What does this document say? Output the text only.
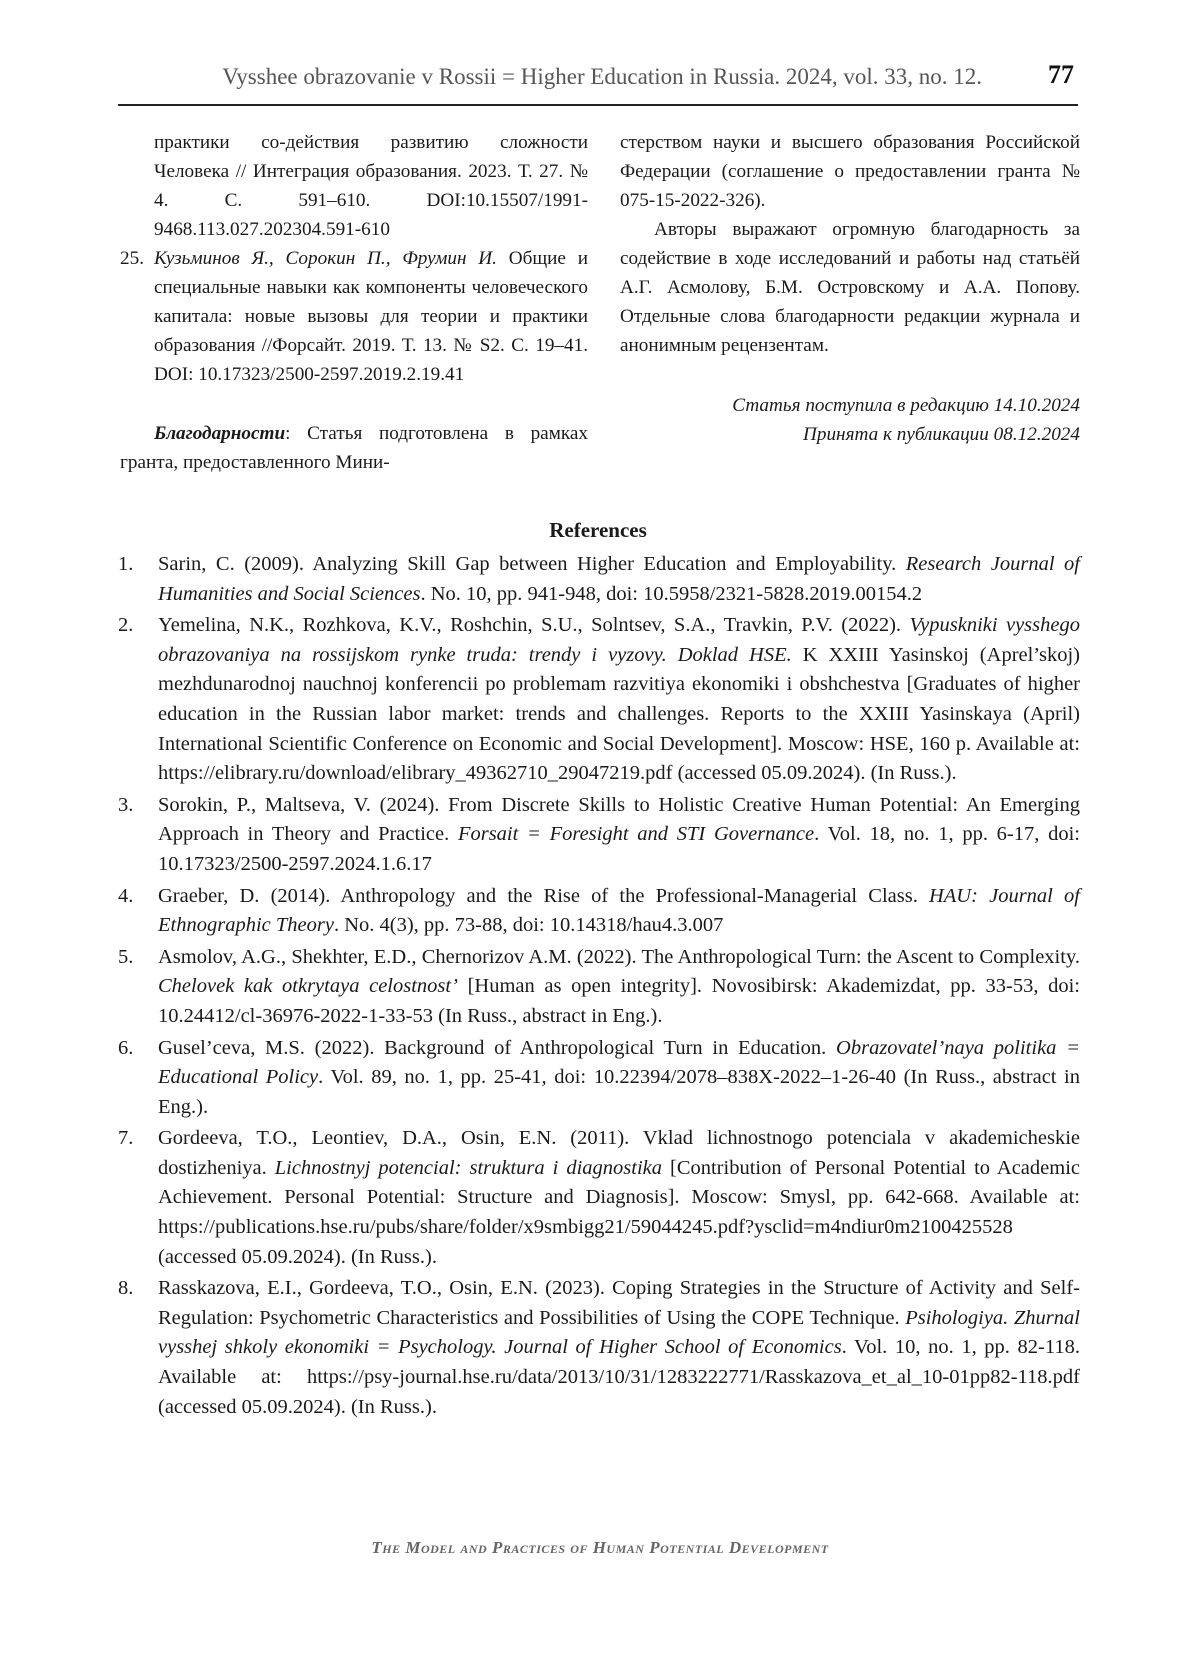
Vysshee obrazovanie v Rossii = Higher Education in Russia. 2024, vol. 33, no. 12.	77

практики со-действия развитию сложности Человека // Интеграция образования. 2023. Т. 27. № 4. С. 591–610. DOI:10.15507/1991-9468.113.027.202304.591-610

25. Кузьминов Я., Сорокин П., Фрумин И. Общие и специальные навыки как компоненты человеческого капитала: новые вызовы для теории и практики образования //Форсайт. 2019. Т. 13. № S2. С. 19–41. DOI: 10.17323/2500-2597.2019.2.19.41

Благодарности: Статья подготовлена в рамках гранта, предоставленного Мини-

стерством науки и высшего образования Российской Федерации (соглашение о предоставлении гранта № 075-15-2022-326).

Авторы выражают огромную благодарность за содействие в ходе исследований и работы над статьёй А.Г. Асмолову, Б.М. Островскому и А.А. Попову. Отдельные слова благодарности редакции журнала и анонимным рецензентам.

Статья поступила в редакцию 14.10.2024
Принята к публикации 08.12.2024
References
1. Sarin, C. (2009). Analyzing Skill Gap between Higher Education and Employability. Research Journal of Humanities and Social Sciences. No. 10, pp. 941-948, doi: 10.5958/2321-5828.2019.00154.2
2. Yemelina, N.K., Rozhkova, K.V., Roshchin, S.U., Solntsev, S.A., Travkin, P.V. (2022). Vypuskniki vysshego obrazovaniya na rossijskom rynke truda: trendy i vyzovy. Doklad HSE. K XXIII Yasinskoj (Aprel’skoj) mezhdunarodnoj nauchnoj konferencii po problemam razvitiya ekonomiki i obshchestva [Graduates of higher education in the Russian labor market: trends and challenges. Reports to the XXIII Yasinskaya (April) International Scientific Conference on Economic and Social Development]. Moscow: HSE, 160 p. Available at: https://elibrary.ru/download/elibrary_49362710_29047219.pdf (accessed 05.09.2024). (In Russ.).
3. Sorokin, P., Maltseva, V. (2024). From Discrete Skills to Holistic Creative Human Potential: An Emerging Approach in Theory and Practice. Forsait = Foresight and STI Governance. Vol. 18, no. 1, pp. 6-17, doi: 10.17323/2500-2597.2024.1.6.17
4. Graeber, D. (2014). Anthropology and the Rise of the Professional-Managerial Class. HAU: Journal of Ethnographic Theory. No. 4(3), pp. 73-88, doi: 10.14318/hau4.3.007
5. Asmolov, A.G., Shekhter, E.D., Chernorizov A.M. (2022). The Anthropological Turn: the Ascent to Complexity. Chelovek kak otkrytaya celostnost’ [Human as open integrity]. Novosibirsk: Akademizdat, pp. 33-53, doi: 10.24412/cl-36976-2022-1-33-53 (In Russ., abstract in Eng.).
6. Gusel’ceva, M.S. (2022). Background of Anthropological Turn in Education. Obrazovatel’naya politika = Educational Policy. Vol. 89, no. 1, pp. 25-41, doi: 10.22394/2078–838X-2022–1-26-40 (In Russ., abstract in Eng.).
7. Gordeeva, T.O., Leontiev, D.A., Osin, E.N. (2011). Vklad lichnostnogo potenciala v akademicheskie dostizheniya. Lichnostnyj potencial: struktura i diagnostika [Contribution of Personal Potential to Academic Achievement. Personal Potential: Structure and Diagnosis]. Moscow: Smysl, pp. 642-668. Available at: https://publications.hse.ru/pubs/share/folder/x9smbigg21/59044245.pdf?ysclid=m4ndiur0m2100425528 (accessed 05.09.2024). (In Russ.).
8. Rasskazova, E.I., Gordeeva, T.O., Osin, E.N. (2023). Coping Strategies in the Structure of Activity and Self-Regulation: Psychometric Characteristics and Possibilities of Using the COPE Technique. Psihologiya. Zhurnal vysshej shkoly ekonomiki = Psychology. Journal of Higher School of Economics. Vol. 10, no. 1, pp. 82-118. Available at: https://psy-journal.hse.ru/data/2013/10/31/1283222771/Rasskazova_et_al_10-01pp82-118.pdf (accessed 05.09.2024). (In Russ.).
The Model and Practices of Human Potential Development
